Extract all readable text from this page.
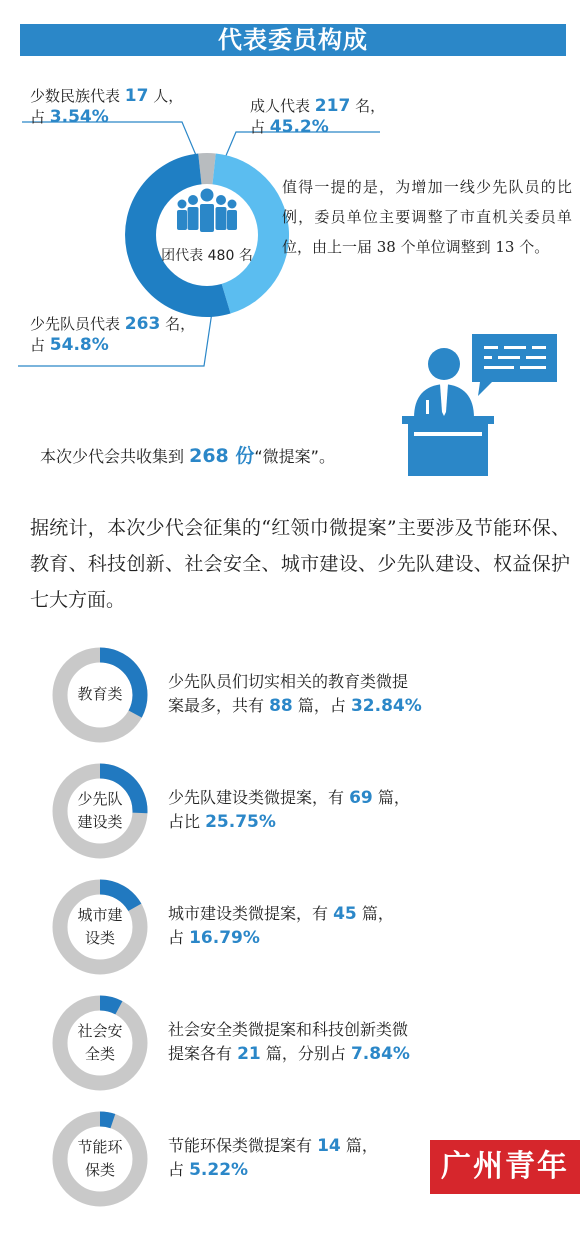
代表委员构成
团代表 480 名
少数民族代表 17 人，
占 3.54%
成人代表 217 名，
占 45.2%
少先队员代表 263 名，
占 54.8%
值得一提的是，为增加一线少先队员的比例，委员单位主要调整了市直机关委员单位，由上一届 38 个单位调整到 13 个。
本次少代会共收集到 268 份“微提案”。
据统计，本次少代会征集的“红领巾微提案”主要涉及节能环保、教育、科技创新、社会安全、城市建设、少先队建设、权益保护七大方面。
教育类
少先队员们切实相关的教育类微提
案最多，共有 88 篇，占 32.84%
少先队
建设类
少先队建设类微提案，有 69 篇，
占比 25.75%
城市建
设类
城市建设类微提案，有 45 篇，
占 16.79%
社会安
全类
社会安全类微提案和科技创新类微
提案各有 21 篇，分别占 7.84%
节能环
保类
节能环保类微提案有 14 篇，
占 5.22%	广州青年报
